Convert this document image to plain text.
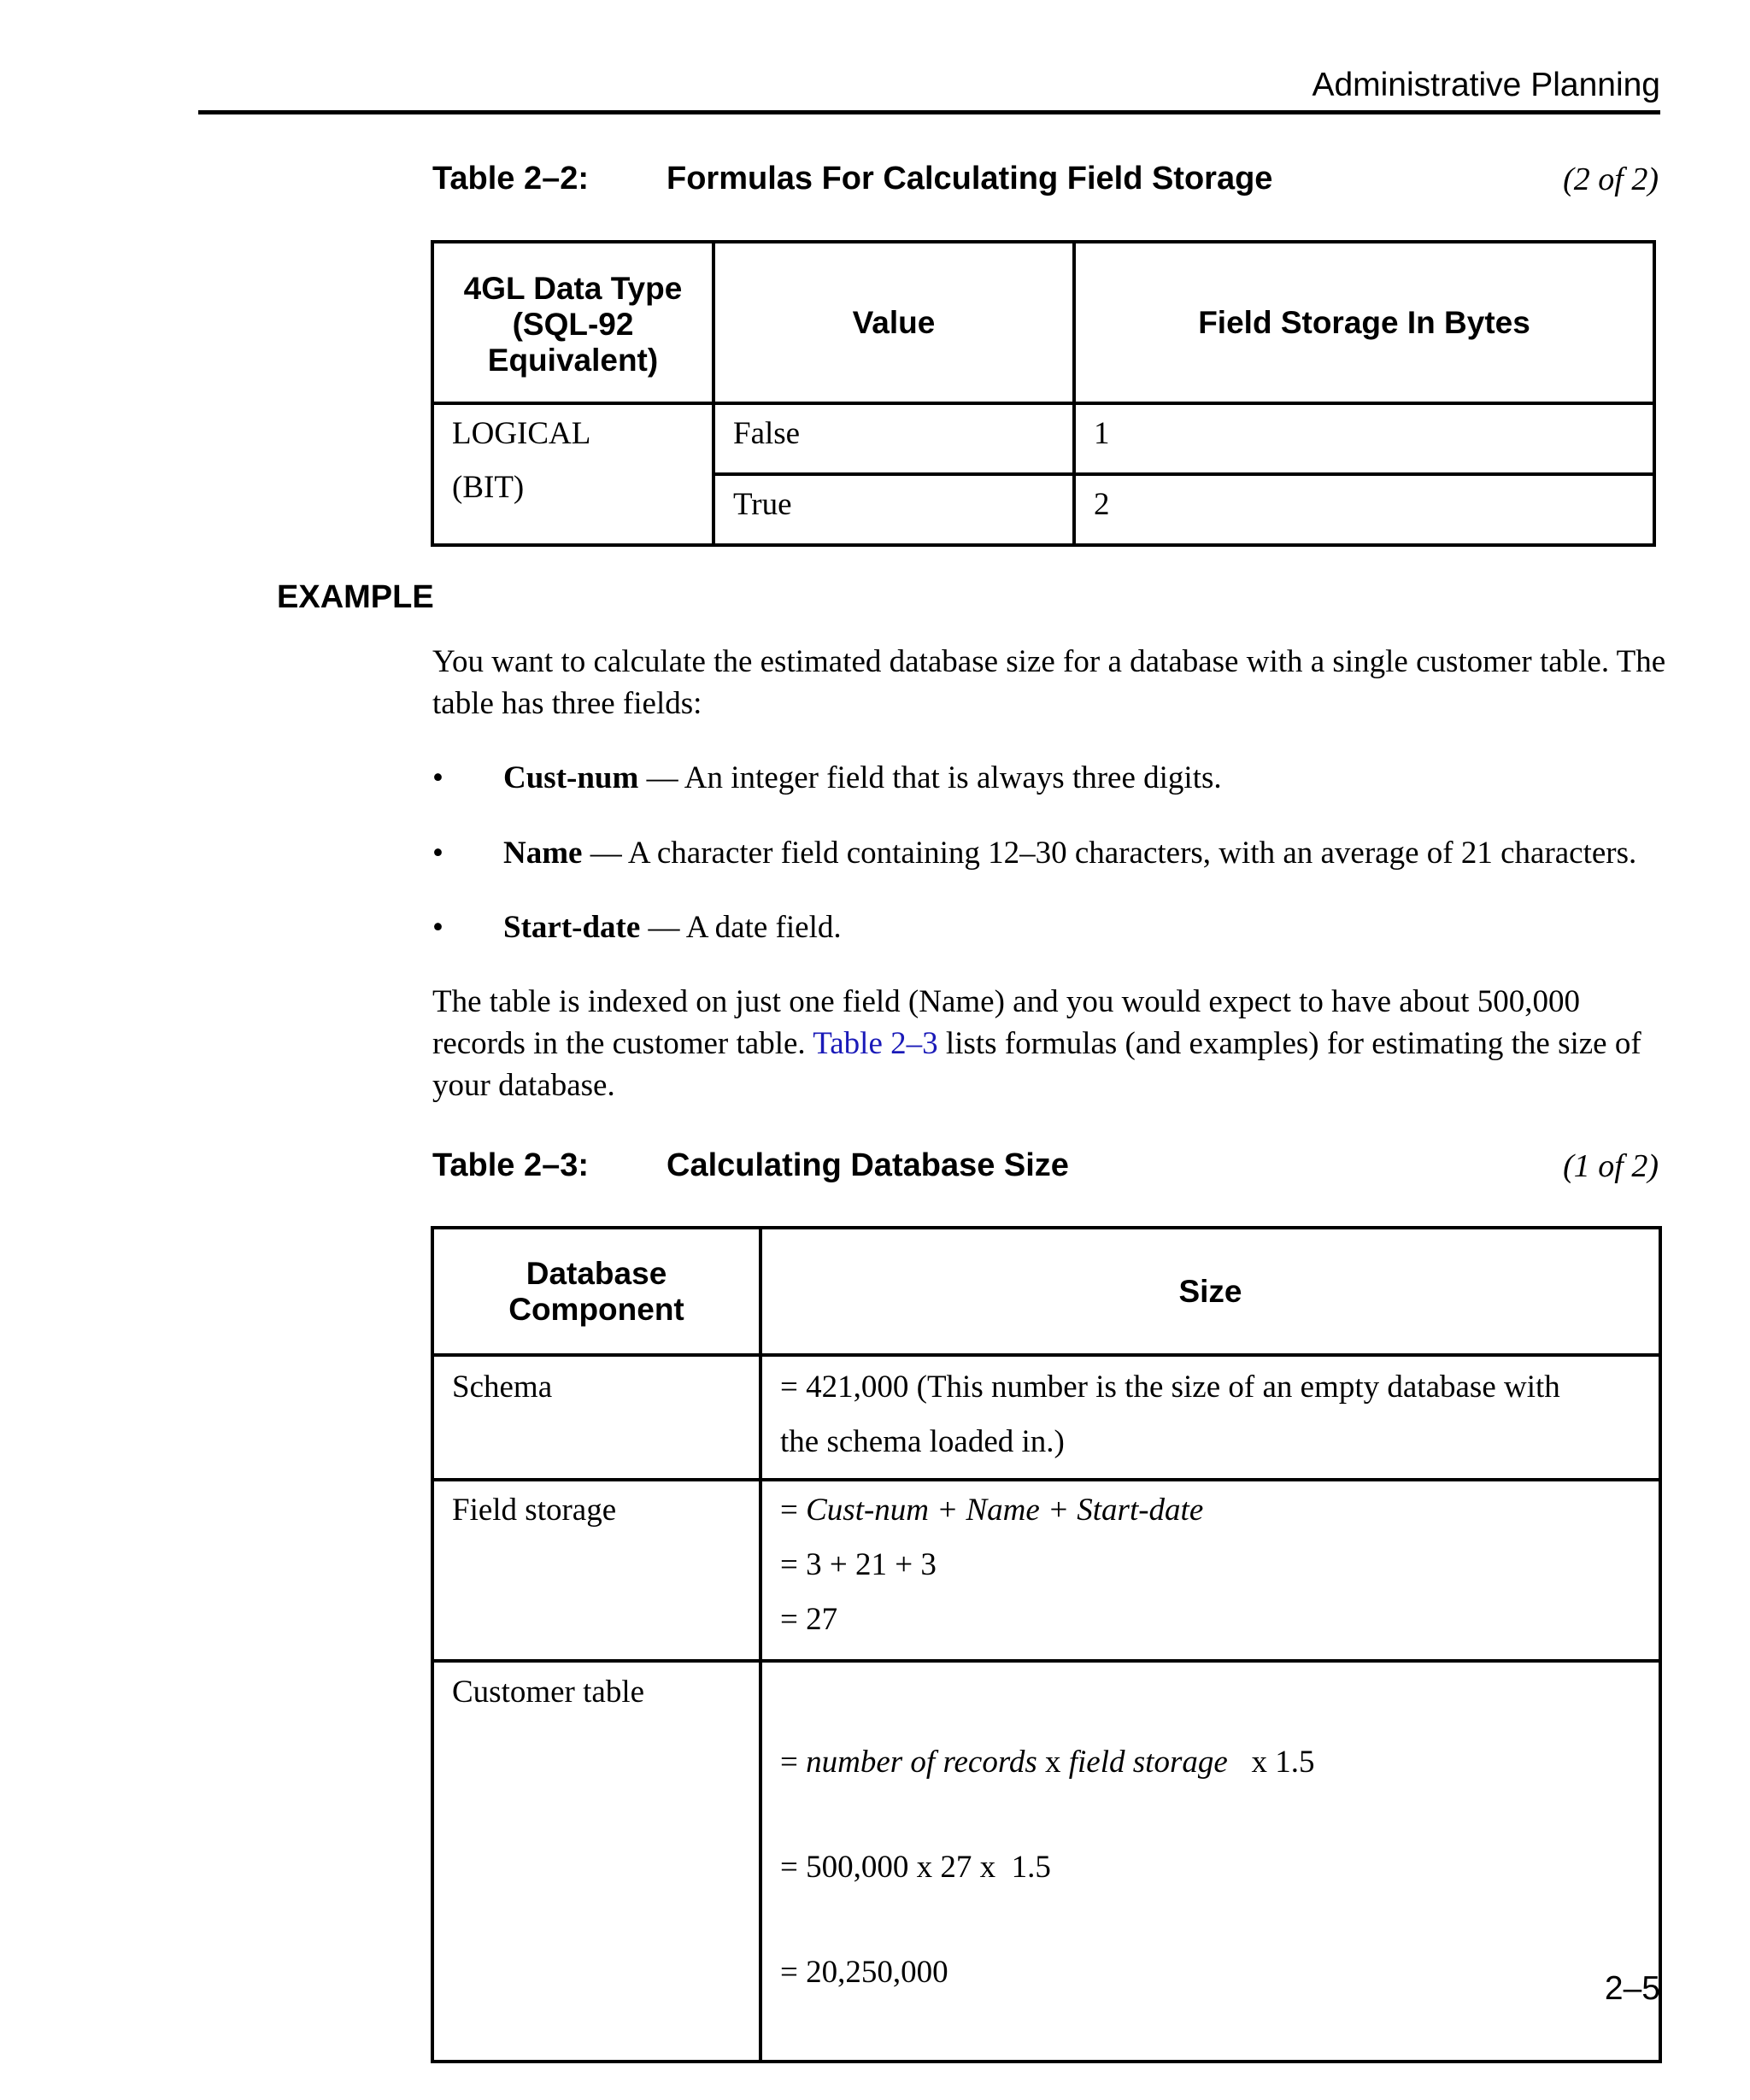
Administrative Planning
Table 2–2: Formulas For Calculating Field Storage	(2 of 2)
4GL Data Type
(SQL-92
Equivalent)	Value	Field Storage In Bytes

LOGICAL
(BIT)	False	1

	True	2
EXAMPLE
You want to calculate the estimated database size for a database with a single customer table. The table has three fields:
• Cust-num — An integer field that is always three digits.
• Name — A character field containing 12–30 characters, with an average of 21 characters.
• Start-date — A date field.
The table is indexed on just one field (Name) and you would expect to have about 500,000 records in the customer table. Table 2–3 lists formulas (and examples) for estimating the size of your database.
Table 2–3: Calculating Database Size	(1 of 2)
Database
Component	Size

Schema	= 421,000 (This number is the size of an empty database with
the schema loaded in.)

Field storage	= Cust-num + Name + Start-date
= 3 + 21 + 3
= 27

Customer table	= number of records x field storage   x 1.5

= 500,000 x 27 x  1.5

= 20,250,000

	2–5
